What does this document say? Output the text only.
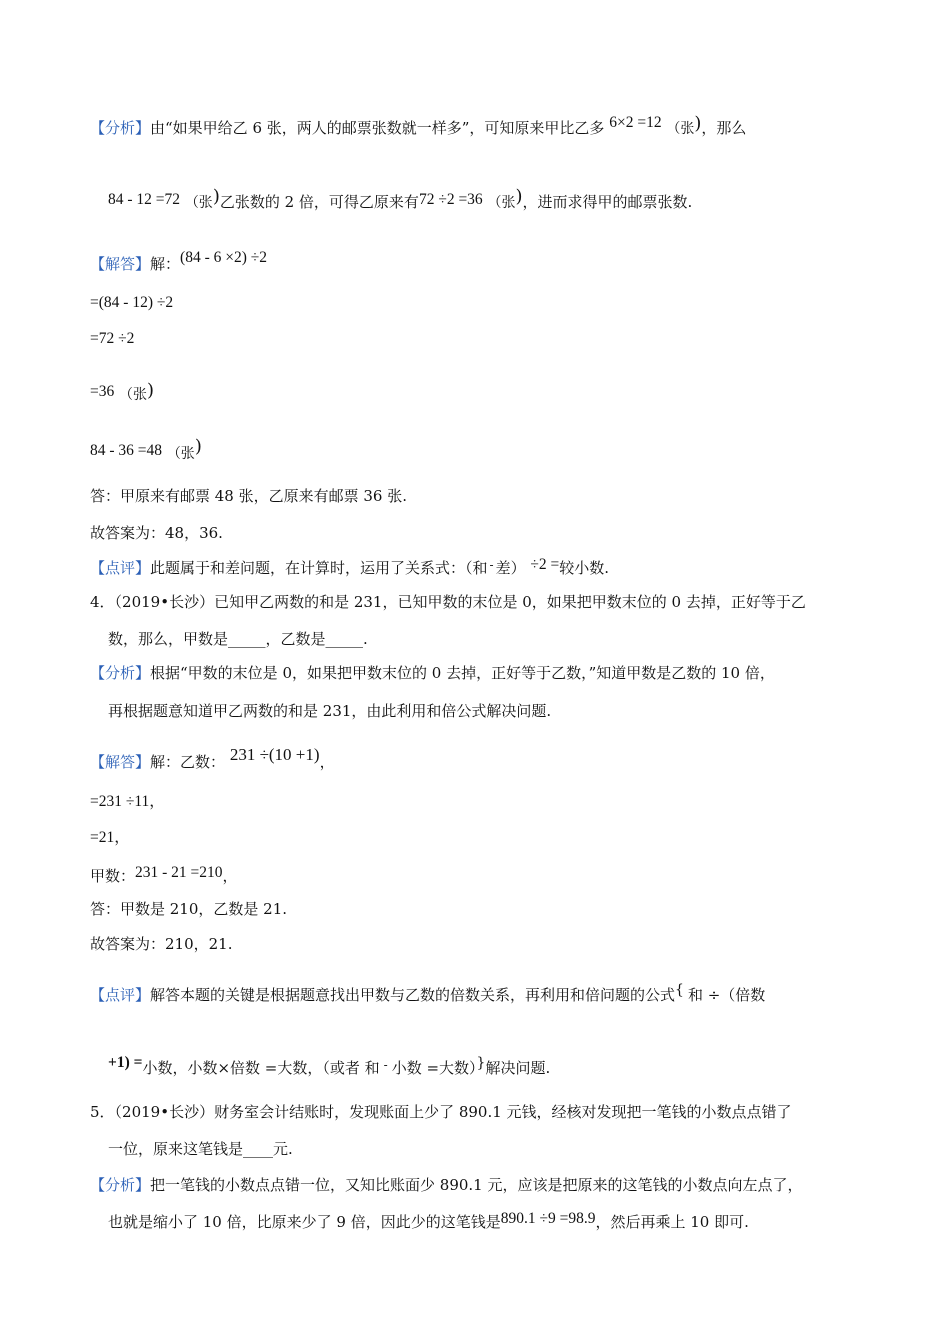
【分析】由“如果甲给乙 6 张，两人的邮票张数就一样多”，可知原来甲比乙多 6×2 =12 （张)，那么
84 - 12 =72 （张)乙张数的 2 倍，可得乙原来有72 ÷2 =36 （张)，进而求得甲的邮票张数.
【解答】解：(84 - 6 ×2) ÷2
=(84 - 12) ÷2
=72 ÷2
=36 （张)
84 - 36 =48 （张)
答：甲原来有邮票 48 张，乙原来有邮票 36 张.
故答案为：48，36.
【点评】此题属于和差问题，在计算时，运用了关系式：（和 - 差） ÷2 =较小数.
4．（2019•长沙）已知甲乙两数的和是 231，已知甲数的末位是 0，如果把甲数末位的 0 去掉，正好等于乙
数，那么，甲数是_____，乙数是_____.
【分析】根据“甲数的末位是 0，如果把甲数末位的 0 去掉，正好等于乙数，”知道甲数是乙数的 10 倍，
再根据题意知道甲乙两数的和是 231，由此利用和倍公式解决问题.
【解答】解：乙数： 231 ÷(10 +1)，
=231 ÷11，
=21，
甲数：231 - 21 =210，
答：甲数是 210，乙数是 21.
故答案为：210，21.
【点评】解答本题的关键是根据题意找出甲数与乙数的倍数关系，再利用和倍问题的公式{ 和 ÷（倍数
+1) =小数，小数×倍数 =大数，（或者 和 - 小数 =大数）}解决问题.
5．（2019•长沙）财务室会计结账时，发现账面上少了 890.1 元钱，经核对发现把一笔钱的小数点点错了
一位，原来这笔钱是____元.
【分析】把一笔钱的小数点点错一位，又知比账面少 890.1 元，应该是把原来的这笔钱的小数点向左点了，
也就是缩小了 10 倍，比原来少了 9 倍，因此少的这笔钱是890.1 ÷9 =98.9，然后再乘上 10 即可.
